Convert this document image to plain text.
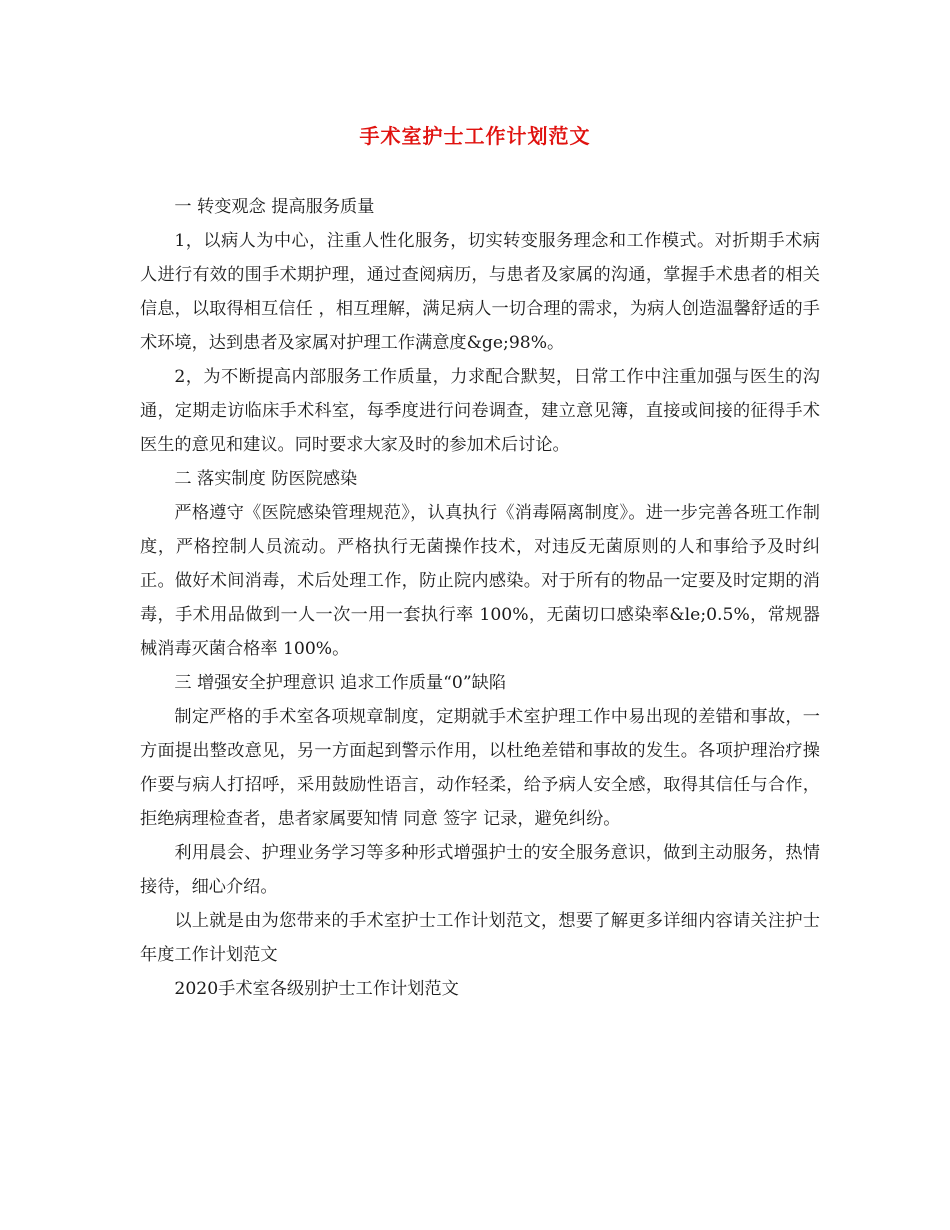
手术室护士工作计划范文

一 转变观念 提高服务质量

1，以病人为中心，注重人性化服务，切实转变服务理念和工作模式。对折期手术病人进行有效的围手术期护理，通过查阅病历，与患者及家属的沟通，掌握手术患者的相关信息，以取得相互信任 ，相互理解，满足病人一切合理的需求，为病人创造温馨舒适的手术环境，达到患者及家属对护理工作满意度&ge;98%。

2，为不断提高内部服务工作质量，力求配合默契，日常工作中注重加强与医生的沟通，定期走访临床手术科室，每季度进行问卷调查，建立意见簿，直接或间接的征得手术医生的意见和建议。同时要求大家及时的参加术后讨论。

二 落实制度 防医院感染

严格遵守《医院感染管理规范》，认真执行《消毒隔离制度》。进一步完善各班工作制度，严格控制人员流动。严格执行无菌操作技术，对违反无菌原则的人和事给予及时纠正。做好术间消毒，术后处理工作，防止院内感染。对于所有的物品一定要及时定期的消毒，手术用品做到一人一次一用一套执行率 100%，无菌切口感染率&le;0.5%，常规器械消毒灭菌合格率 100%。

三 增强安全护理意识 追求工作质量“0”缺陷

制定严格的手术室各项规章制度，定期就手术室护理工作中易出现的差错和事故，一方面提出整改意见，另一方面起到警示作用，以杜绝差错和事故的发生。各项护理治疗操作要与病人打招呼，采用鼓励性语言，动作轻柔，给予病人安全感，取得其信任与合作，拒绝病理检查者，患者家属要知情 同意 签字 记录，避免纠纷。

利用晨会、护理业务学习等多种形式增强护士的安全服务意识，做到主动服务，热情接待，细心介绍。

以上就是由为您带来的手术室护士工作计划范文，想要了解更多详细内容请关注护士年度工作计划范文

2020手术室各级别护士工作计划范文
